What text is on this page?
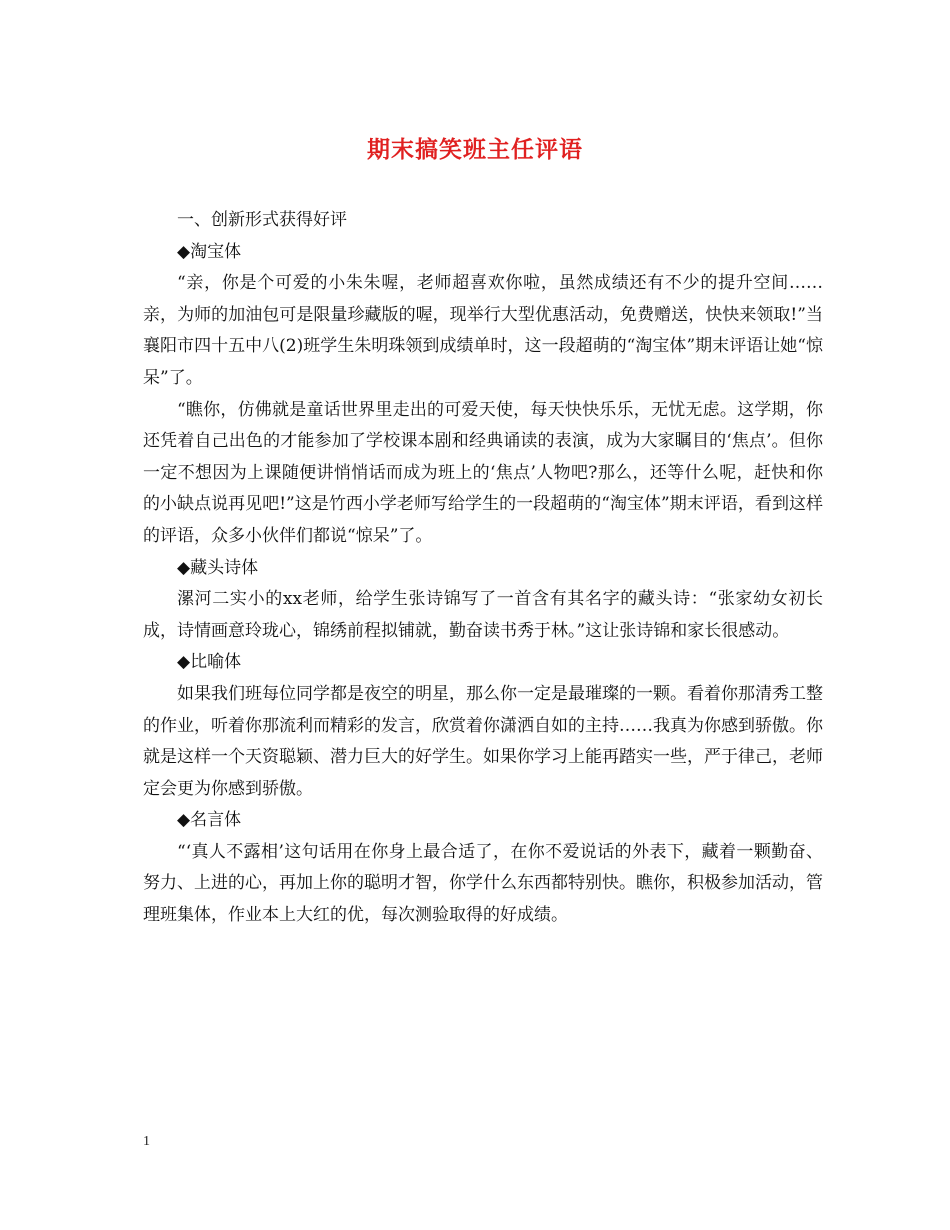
期末搞笑班主任评语

一、创新形式获得好评

◆淘宝体

“亲，你是个可爱的小朱朱喔，老师超喜欢你啦，虽然成绩还有不少的提升空间……亲，为师的加油包可是限量珍藏版的喔，现举行大型优惠活动，免费赠送，快快来领取!”当襄阳市四十五中八(2)班学生朱明珠领到成绩单时，这一段超萌的“淘宝体”期末评语让她“惊呆”了。

“瞧你，仿佛就是童话世界里走出的可爱天使，每天快快乐乐，无忧无虑。这学期，你还凭着自己出色的才能参加了学校课本剧和经典诵读的表演，成为大家瞩目的‘焦点’。但你一定不想因为上课随便讲悄悄话而成为班上的‘焦点’人物吧?那么，还等什么呢，赶快和你的小缺点说再见吧!”这是竹西小学老师写给学生的一段超萌的“淘宝体”期末评语，看到这样的评语，众多小伙伴们都说“惊呆”了。

◆藏头诗体

漯河二实小的xx老师，给学生张诗锦写了一首含有其名字的藏头诗：“张家幼女初长成，诗情画意玲珑心，锦绣前程拟铺就，勤奋读书秀于林。”这让张诗锦和家长很感动。

◆比喻体

如果我们班每位同学都是夜空的明星，那么你一定是最璀璨的一颗。看着你那清秀工整的作业，听着你那流利而精彩的发言，欣赏着你潇洒自如的主持……我真为你感到骄傲。你就是这样一个天资聪颖、潜力巨大的好学生。如果你学习上能再踏实一些，严于律己，老师定会更为你感到骄傲。

◆名言体

“‘真人不露相’这句话用在你身上最合适了，在你不爱说话的外表下，藏着一颗勤奋、努力、上进的心，再加上你的聪明才智，你学什么东西都特别快。瞧你，积极参加活动，管理班集体，作业本上大红的优，每次测验取得的好成绩。

1
